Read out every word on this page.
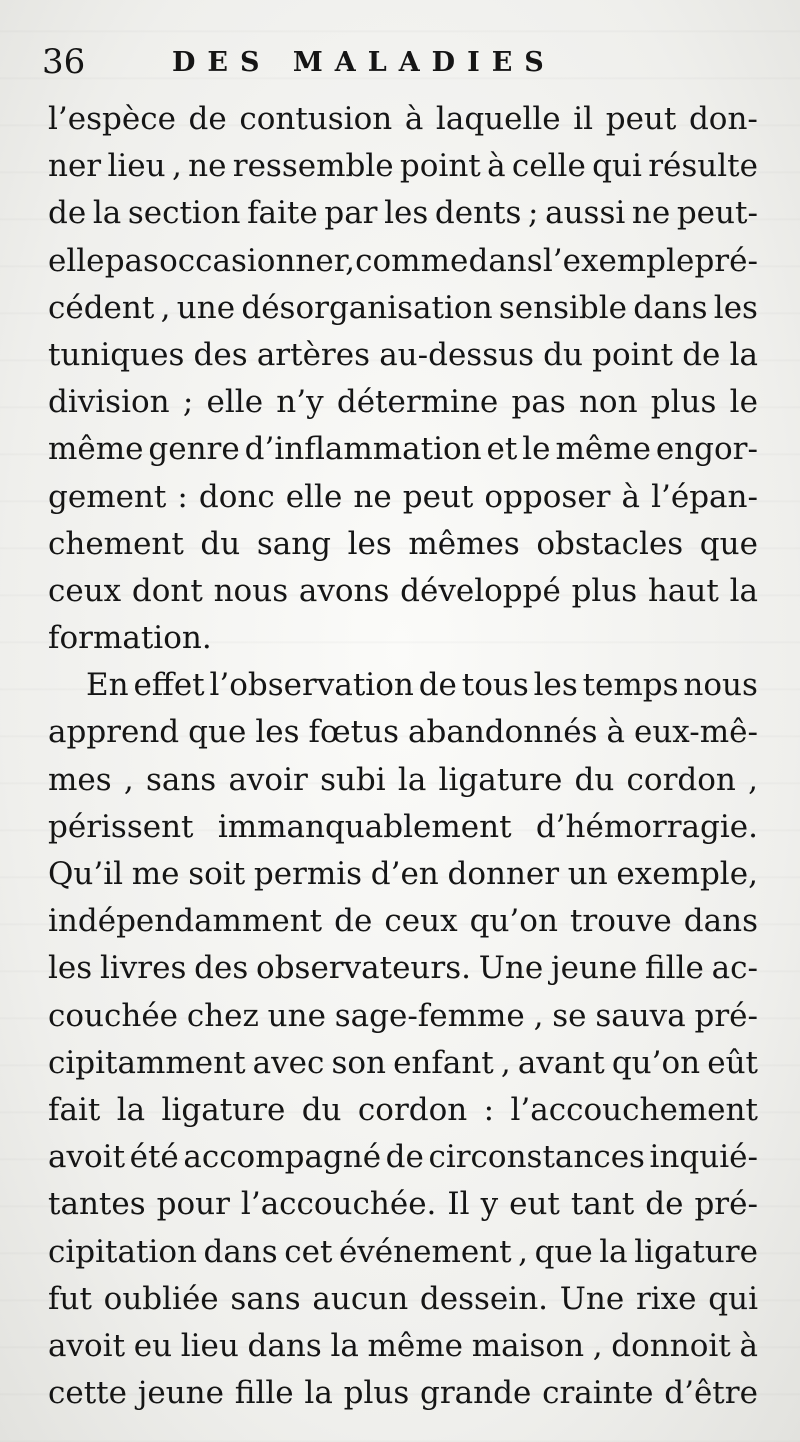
36	DES MALADIES
l’espèce de contusion à laquelle il peut don-
ner lieu , ne ressemble point à celle qui résulte
de la section faite par les dents ; aussi ne peut-
elle pas occasionner, comme dans l’exemple pré-
cédent , une désorganisation sensible dans les
tuniques des artères au-dessus du point de la
division ; elle n’y détermine pas non plus le
même genre d’inflammation et le même engor-
gement : donc elle ne peut opposer à l’épan-
chement du sang les mêmes obstacles que
ceux dont nous avons développé plus haut la
formation.
En effet l’observation de tous les temps nous
apprend que les fœtus abandonnés à eux-mê-
mes , sans avoir subi la ligature du cordon ,
périssent immanquablement d’hémorragie.
Qu’il me soit permis d’en donner un exemple,
indépendamment de ceux qu’on trouve dans
les livres des observateurs. Une jeune fille ac-
couchée chez une sage-femme , se sauva pré-
cipitamment avec son enfant , avant qu’on eût
fait la ligature du cordon : l’accouchement
avoit été accompagné de circonstances inquié-
tantes pour l’accouchée. Il y eut tant de pré-
cipitation dans cet événement , que la ligature
fut oubliée sans aucun dessein. Une rixe qui
avoit eu lieu dans la même maison , donnoit à
cette jeune fille la plus grande crainte d’être
